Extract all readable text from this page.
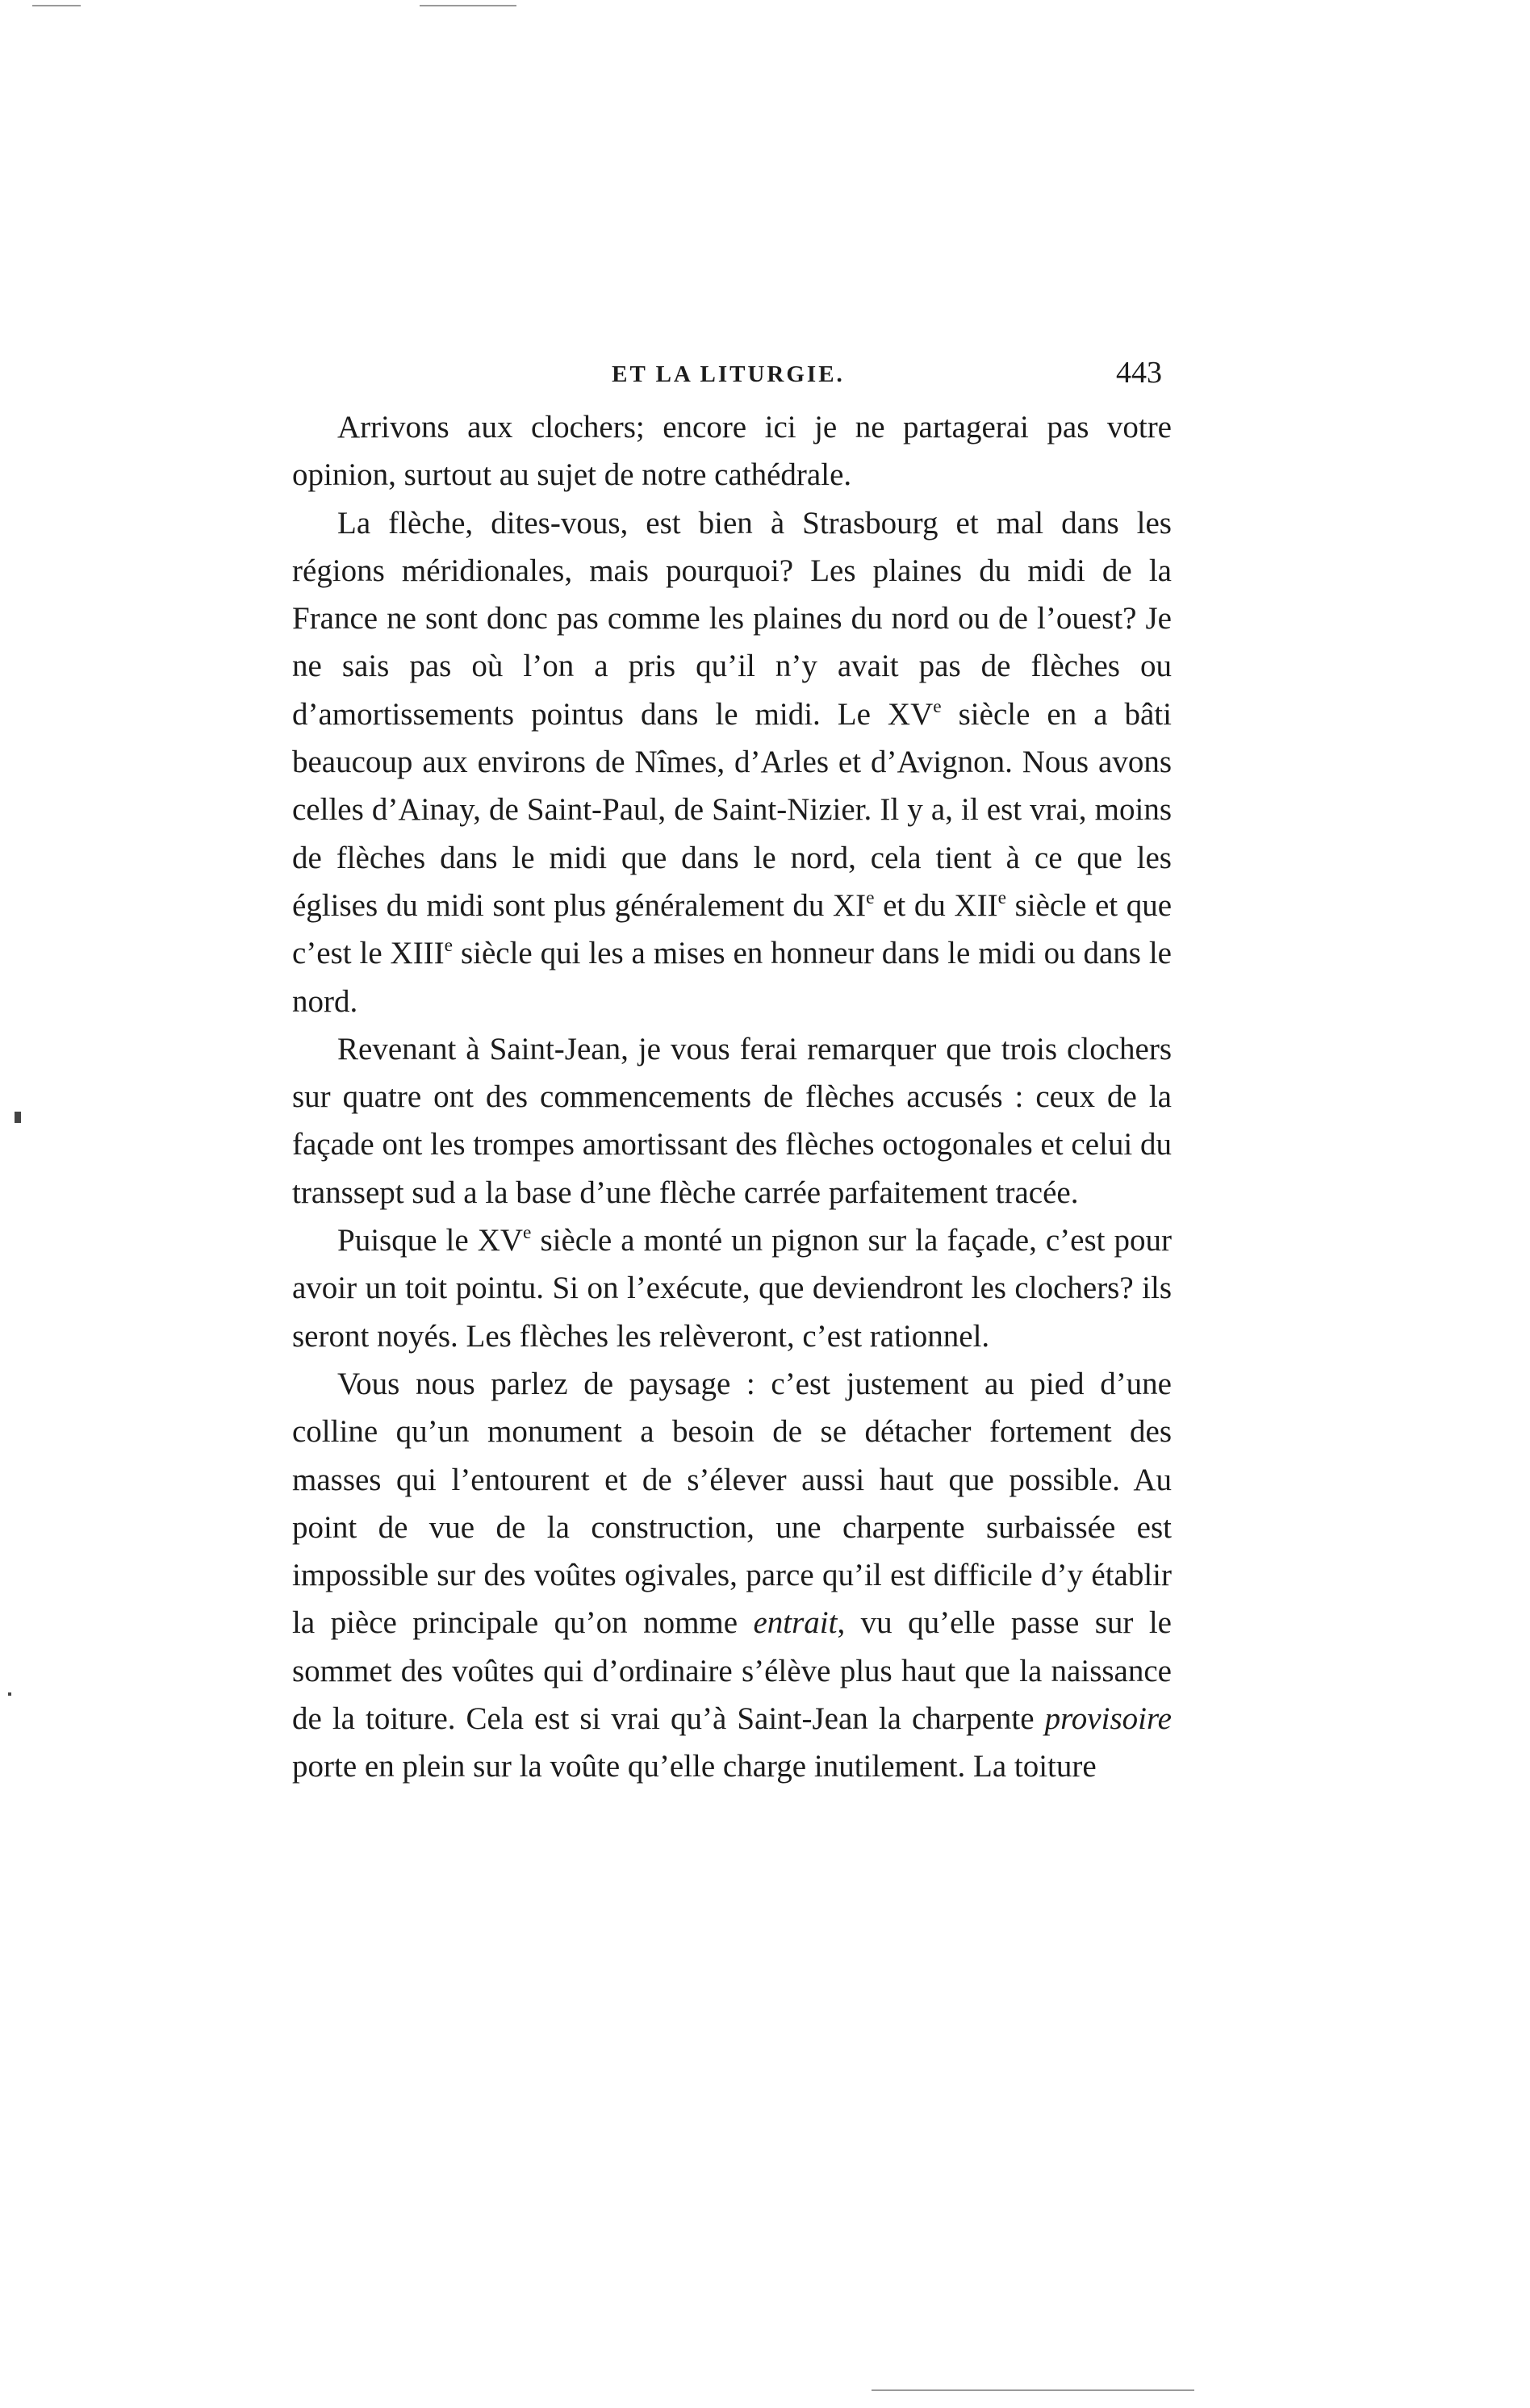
ET LA LITURGIE.	443

Arrivons aux clochers; encore ici je ne partagerai pas votre opinion, surtout au sujet de notre cathédrale.

La flèche, dites-vous, est bien à Strasbourg et mal dans les régions méridionales, mais pourquoi? Les plaines du midi de la France ne sont donc pas comme les plaines du nord ou de l’ouest? Je ne sais pas où l’on a pris qu’il n’y avait pas de flèches ou d’amortissements pointus dans le midi. Le XVe siècle en a bâti beaucoup aux environs de Nîmes, d’Arles et d’Avignon. Nous avons celles d’Ainay, de Saint-Paul, de Saint-Nizier. Il y a, il est vrai, moins de flèches dans le midi que dans le nord, cela tient à ce que les églises du midi sont plus généralement du XIe et du XIIe siècle et que c’est le XIIIe siècle qui les a mises en honneur dans le midi ou dans le nord.

Revenant à Saint-Jean, je vous ferai remarquer que trois clochers sur quatre ont des commencements de flèches accusés : ceux de la façade ont les trompes amortissant des flèches octogonales et celui du transsept sud a la base d’une flèche carrée parfaitement tracée.

Puisque le XVe siècle a monté un pignon sur la façade, c’est pour avoir un toit pointu. Si on l’exécute, que deviendront les clochers? ils seront noyés. Les flèches les relèveront, c’est rationnel.

Vous nous parlez de paysage : c’est justement au pied d’une colline qu’un monument a besoin de se détacher fortement des masses qui l’entourent et de s’élever aussi haut que possible. Au point de vue de la construction, une charpente surbaissée est impossible sur des voûtes ogivales, parce qu’il est difficile d’y établir la pièce principale qu’on nomme entrait, vu qu’elle passe sur le sommet des voûtes qui d’ordinaire s’élève plus haut que la naissance de la toiture. Cela est si vrai qu’à Saint-Jean la charpente provisoire porte en plein sur la voûte qu’elle charge inutilement. La toiture
